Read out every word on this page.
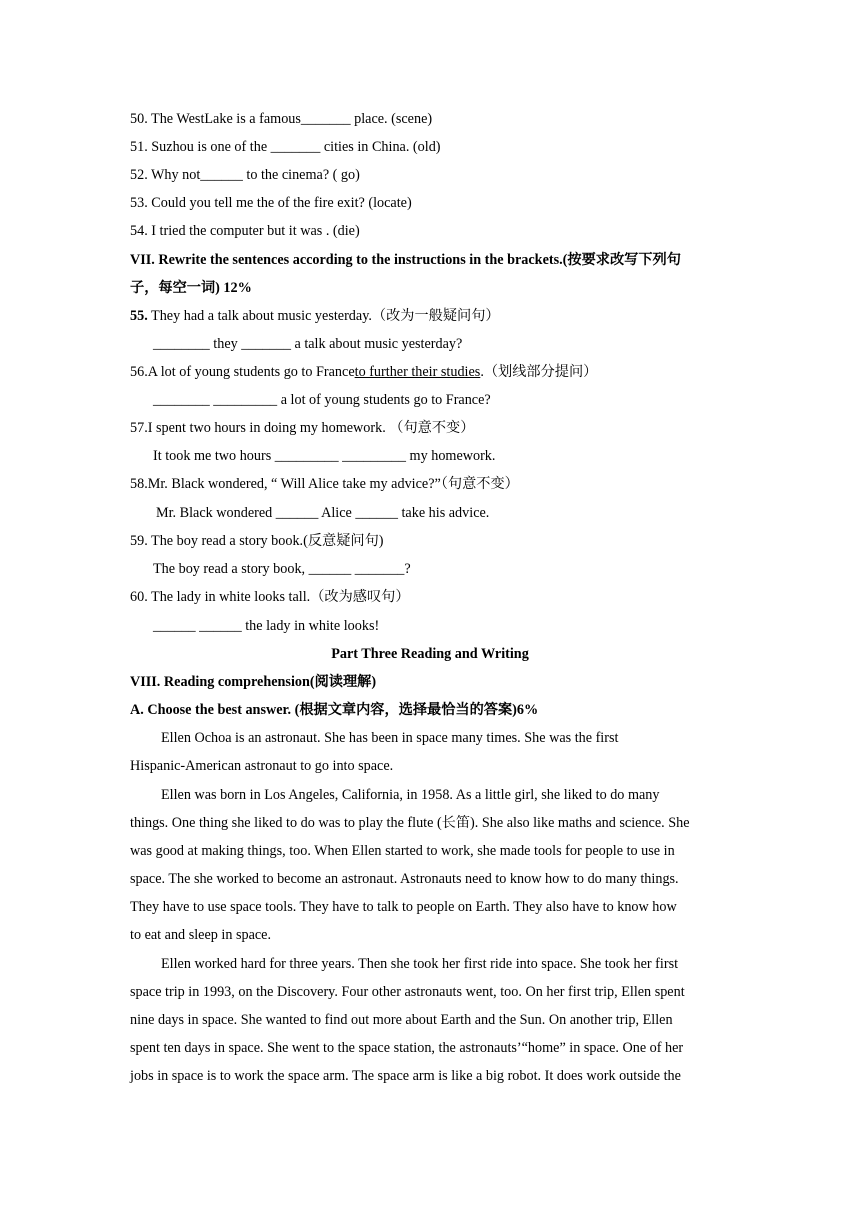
50. The WestLake is a famous_______ place. (scene)
51. Suzhou is one of the _______ cities in China. (old)
52. Why not______ to the cinema? ( go)
53. Could you tell me the of the fire exit? (locate)
54. I tried the computer but it was . (die)
VII. Rewrite the sentences according to the instructions in the brackets.(按要求改写下列句
子，每空一词) 12%
55. They had a talk about music yesterday.（改为一般疑问句）
________ they _______ a talk about music yesterday?
56.A lot of young students go to Franceto further their studies.（划线部分提问）
________ _________ a lot of young students go to France?
57.I spent two hours in doing my homework. （句意不变）
It took me two hours _________ _________ my homework.
58.Mr. Black wondered, “ Will Alice take my advice?”（句意不变）
Mr. Black wondered ______ Alice ______ take his advice.
59. The boy read a story book.(反意疑问句)
The boy read a story book, ______ _______?
60. The lady in white looks tall.（改为感叹句）
______ ______ the lady in white looks!
Part Three Reading and Writing
VIII. Reading comprehension(阅读理解)
A. Choose the best answer. (根据文章内容，选择最恰当的答案)6%
Ellen Ochoa is an astronaut. She has been in space many times. She was the first
Hispanic-American astronaut to go into space.
Ellen was born in Los Angeles, California, in 1958. As a little girl, she liked to do many
things. One thing she liked to do was to play the flute (长笛). She also like maths and science. She
was good at making things, too. When Ellen started to work, she made tools for people to use in
space. The she worked to become an astronaut. Astronauts need to know how to do many things.
They have to use space tools. They have to talk to people on Earth. They also have to know how
to eat and sleep in space.
Ellen worked hard for three years. Then she took her first ride into space. She took her first
space trip in 1993, on the Discovery. Four other astronauts went, too. On her first trip, Ellen spent
nine days in space. She wanted to find out more about Earth and the Sun. On another trip, Ellen
spent ten days in space. She went to the space station, the astronauts’“home” in space. One of her
jobs in space is to work the space arm. The space arm is like a big robot. It does work outside the
